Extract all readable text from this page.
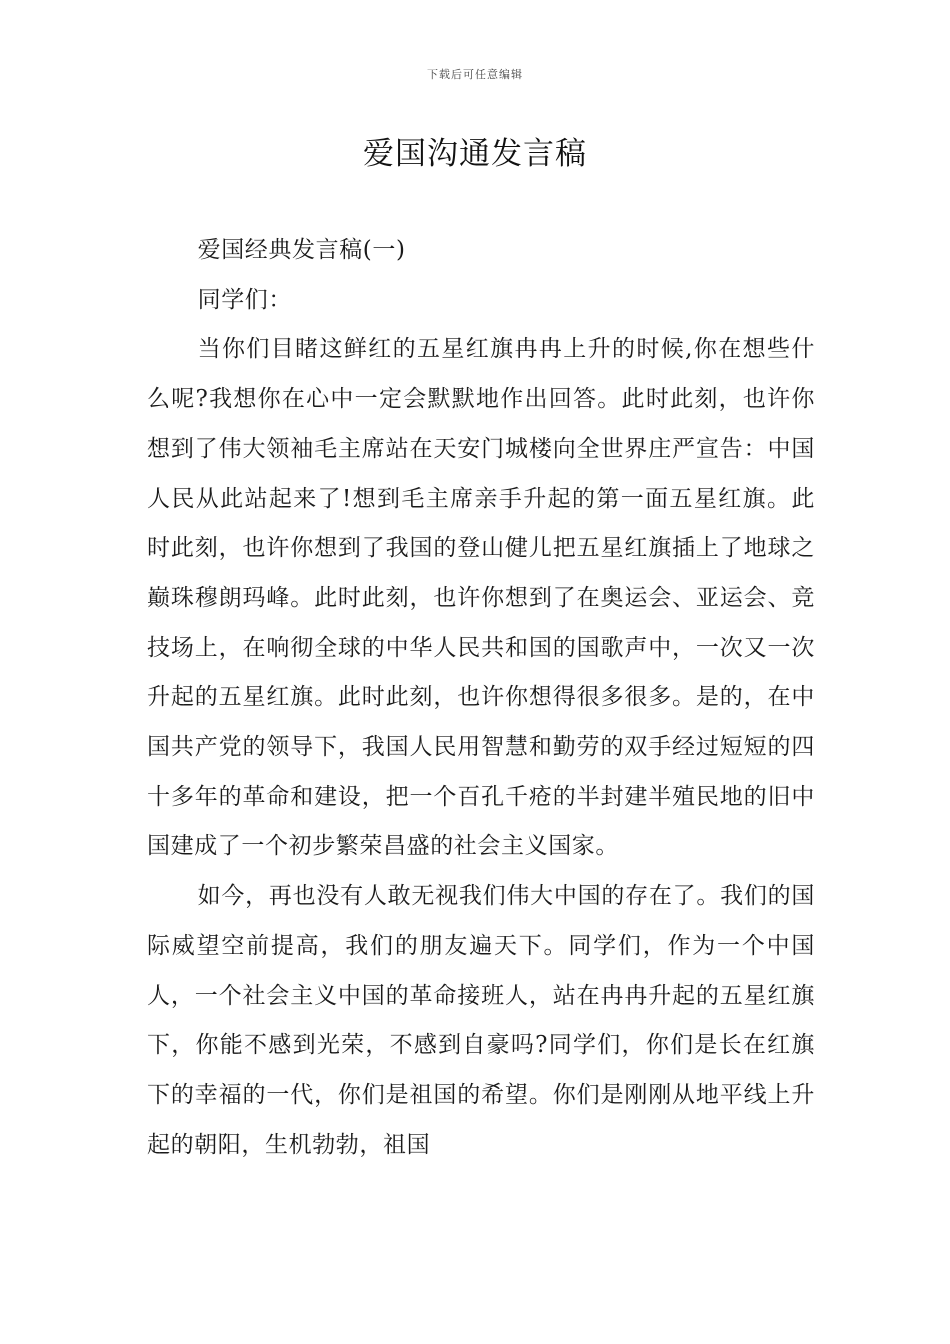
下载后可任意编辑
爱国沟通发言稿

爱国经典发言稿(一)

同学们：

当你们目睹这鲜红的五星红旗冉冉上升的时候,你在想些什么呢?我想你在心中一定会默默地作出回答。此时此刻，也许你想到了伟大领袖毛主席站在天安门城楼向全世界庄严宣告：中国人民从此站起来了!想到毛主席亲手升起的第一面五星红旗。此时此刻，也许你想到了我国的登山健儿把五星红旗插上了地球之巅珠穆朗玛峰。此时此刻，也许你想到了在奥运会、亚运会、竞技场上，在响彻全球的中华人民共和国的国歌声中，一次又一次升起的五星红旗。此时此刻，也许你想得很多很多。是的，在中国共产党的领导下，我国人民用智慧和勤劳的双手经过短短的四十多年的革命和建设，把一个百孔千疮的半封建半殖民地的旧中国建成了一个初步繁荣昌盛的社会主义国家。

如今，再也没有人敢无视我们伟大中国的存在了。我们的国际威望空前提高，我们的朋友遍天下。同学们，作为一个中国人，一个社会主义中国的革命接班人，站在冉冉升起的五星红旗下，你能不感到光荣，不感到自豪吗?同学们，你们是长在红旗下的幸福的一代，你们是祖国的希望。你们是刚刚从地平线上升起的朝阳，生机勃勃，祖国
